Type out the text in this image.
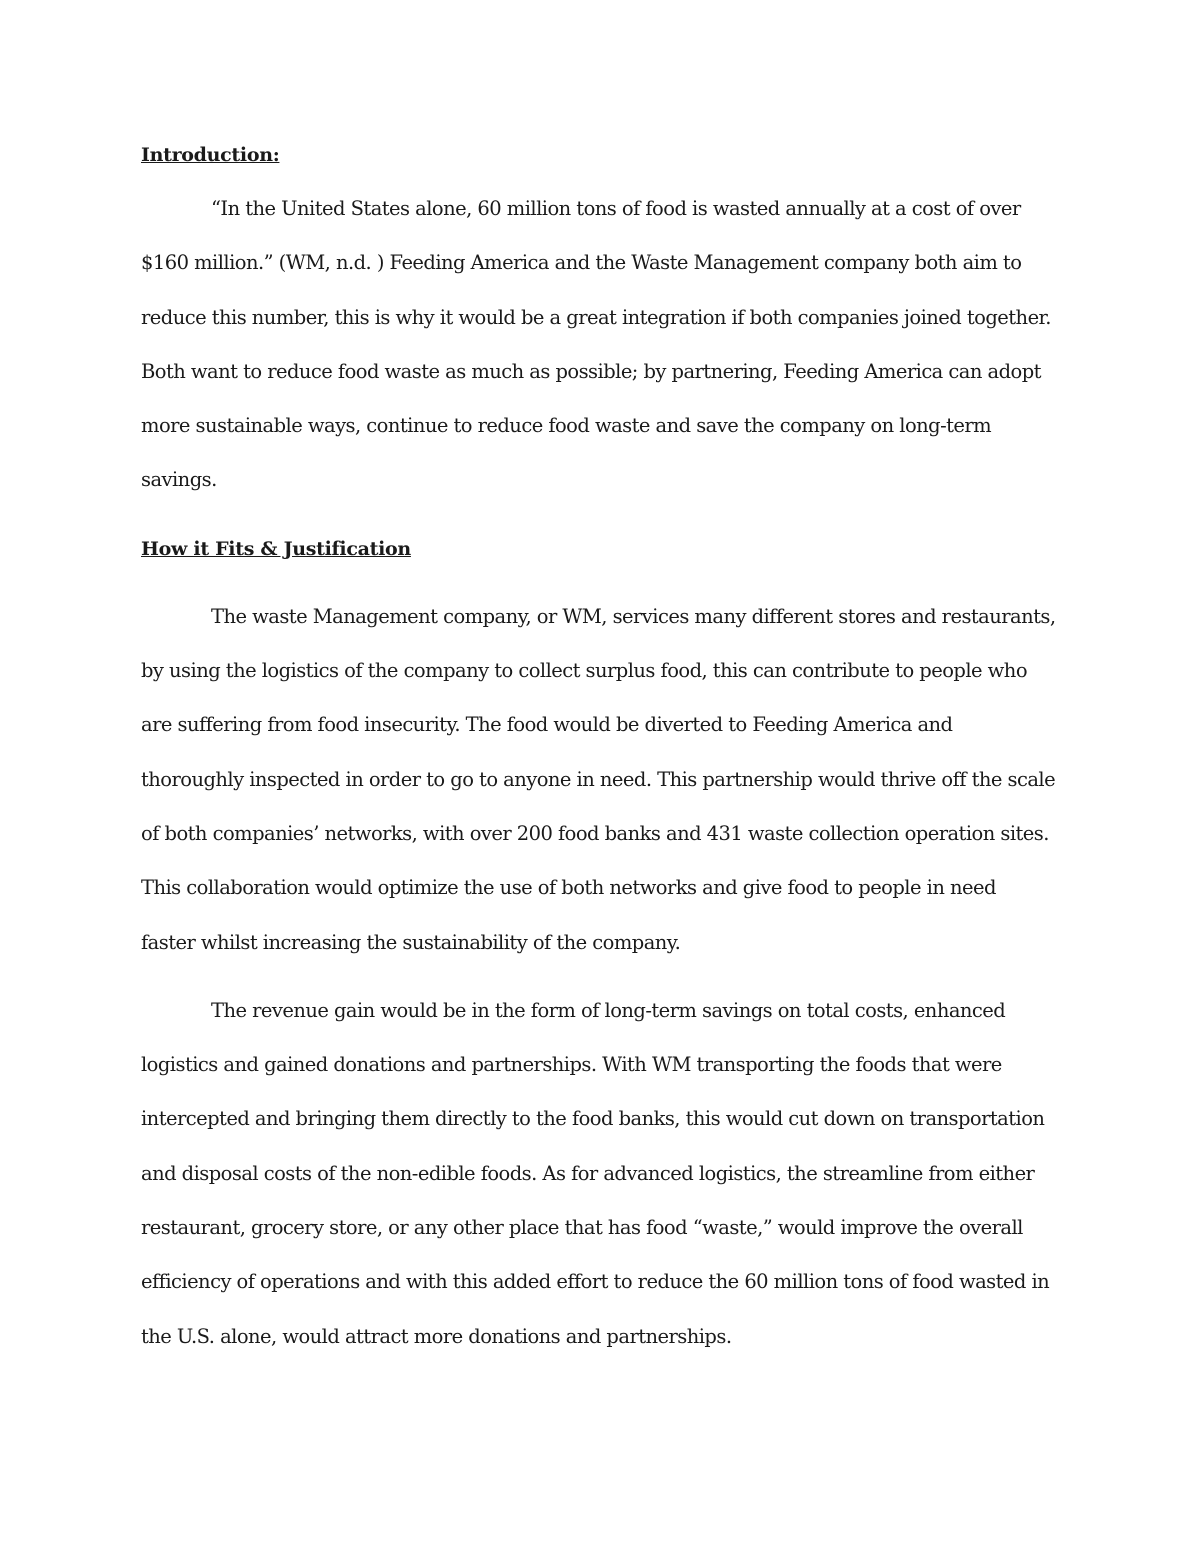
Introduction:

“In the United States alone, 60 million tons of food is wasted annually at a cost of over
$160 million.” (WM, n.d. ) Feeding America and the Waste Management company both aim to
reduce this number, this is why it would be a great integration if both companies joined together.
Both want to reduce food waste as much as possible; by partnering, Feeding America can adopt
more sustainable ways, continue to reduce food waste and save the company on long-term
savings.

How it Fits & Justification

The waste Management company, or WM, services many different stores and restaurants,
by using the logistics of the company to collect surplus food, this can contribute to people who
are suffering from food insecurity. The food would be diverted to Feeding America and
thoroughly inspected in order to go to anyone in need. This partnership would thrive off the scale
of both companies’ networks, with over 200 food banks and 431 waste collection operation sites.
This collaboration would optimize the use of both networks and give food to people in need
faster whilst increasing the sustainability of the company.

The revenue gain would be in the form of long-term savings on total costs, enhanced
logistics and gained donations and partnerships. With WM transporting the foods that were
intercepted and bringing them directly to the food banks, this would cut down on transportation
and disposal costs of the non-edible foods. As for advanced logistics, the streamline from either
restaurant, grocery store, or any other place that has food “waste,” would improve the overall
efficiency of operations and with this added effort to reduce the 60 million tons of food wasted in
the U.S. alone, would attract more donations and partnerships.
